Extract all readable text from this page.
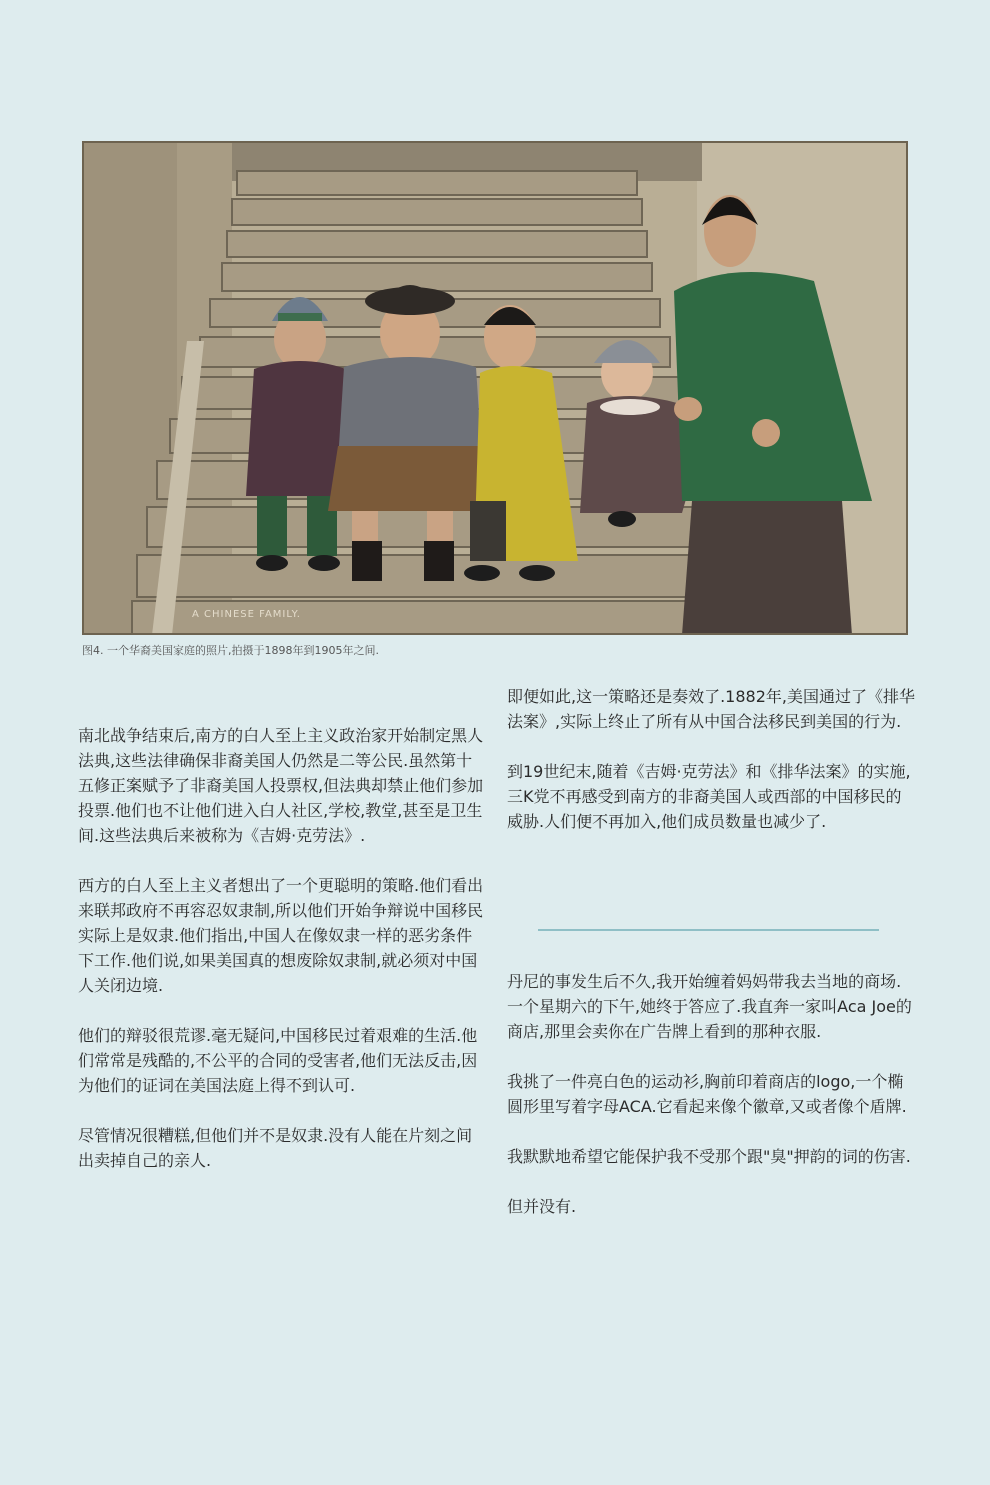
A CHINESE FAMILY.
图4. 一个华裔美国家庭的照片,拍摄于1898年到1905年之间.

南北战争结束后,南方的白人至上主义政治家开始制定黑人法典,这些法律确保非裔美国人仍然是二等公民.虽然第十五修正案赋予了非裔美国人投票权,但法典却禁止他们参加投票.他们也不让他们进入白人社区,学校,教堂,甚至是卫生间.这些法典后来被称为《吉姆·克劳法》.

西方的白人至上主义者想出了一个更聪明的策略.他们看出来联邦政府不再容忍奴隶制,所以他们开始争辩说中国移民实际上是奴隶.他们指出,中国人在像奴隶一样的恶劣条件下工作.他们说,如果美国真的想废除奴隶制,就必须对中国人关闭边境.

他们的辩驳很荒谬.毫无疑问,中国移民过着艰难的生活.他们常常是残酷的,不公平的合同的受害者,他们无法反击,因为他们的证词在美国法庭上得不到认可.

尽管情况很糟糕,但他们并不是奴隶.没有人能在片刻之间出卖掉自己的亲人.

即便如此,这一策略还是奏效了.1882年,美国通过了《排华法案》,实际上终止了所有从中国合法移民到美国的行为.

到19世纪末,随着《吉姆·克劳法》和《排华法案》的实施,三K党不再感受到南方的非裔美国人或西部的中国移民的威胁.人们便不再加入,他们成员数量也减少了.

丹尼的事发生后不久,我开始缠着妈妈带我去当地的商场.一个星期六的下午,她终于答应了.我直奔一家叫Aca Joe的商店,那里会卖你在广告牌上看到的那种衣服.

我挑了一件亮白色的运动衫,胸前印着商店的logo,一个椭圆形里写着字母ACA.它看起来像个徽章,又或者像个盾牌.

我默默地希望它能保护我不受那个跟"臭"押韵的词的伤害.

但并没有.
